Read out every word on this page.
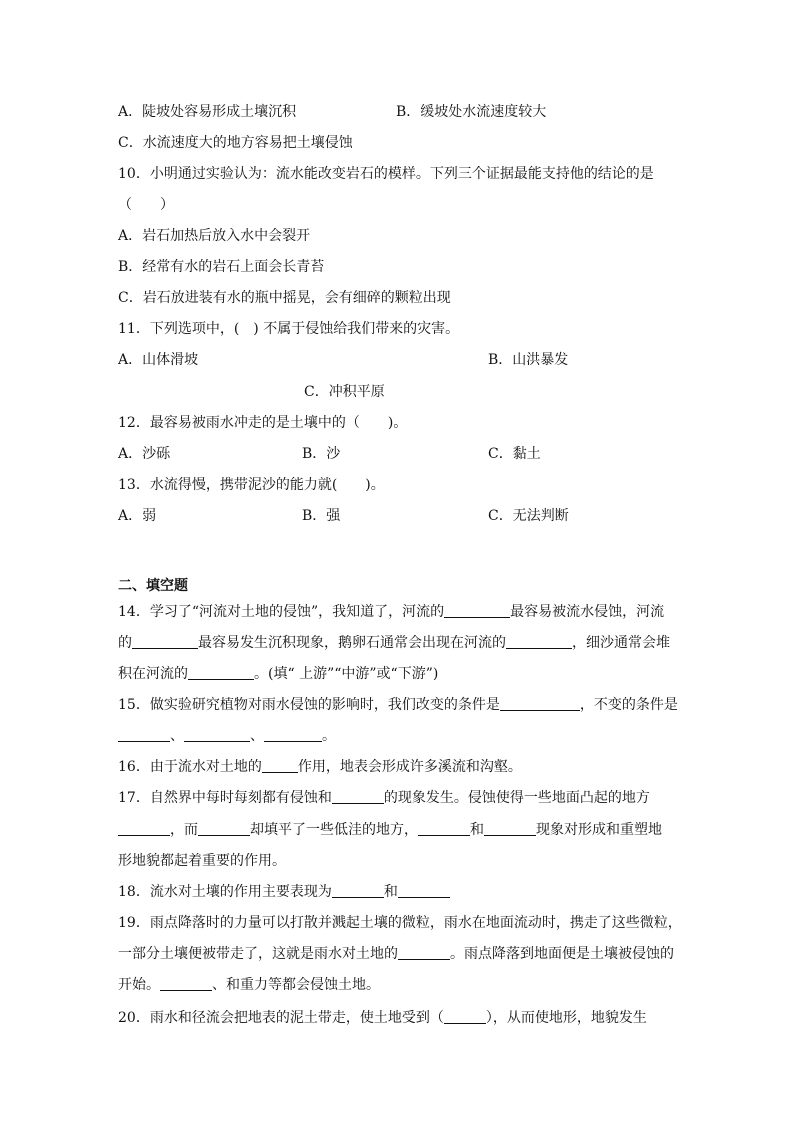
A．陡坡处容易形成土壤沉积	B．缓坡处水流速度较大
C．水流速度大的地方容易把土壤侵蚀
10．小明通过实验认为：流水能改变岩石的模样。下列三个证据最能支持他的结论的是
（　　）
A．岩石加热后放入水中会裂开
B．经常有水的岩石上面会长青苔
C．岩石放进装有水的瓶中摇晃，会有细碎的颗粒出现
11．下列选项中，(　) 不属于侵蚀给我们带来的灾害。
A．山体滑坡	B．山洪暴发
C．冲积平原
12．最容易被雨水冲走的是土壤中的（　　)。
A．沙砾	B．沙	C．黏土
13．水流得慢，携带泥沙的能力就(　　)。
A．弱	B．强	C．无法判断
二、填空题
14．学习了“河流对土地的侵蚀”，我知道了，河流的	最容易被流水侵蚀，河流
的	最容易发生沉积现象，鹅卵石通常会出现在河流的	，细沙通常会堆
积在河流的	。(填“ 上游”“中游”或“下游”)
15．做实验研究植物对雨水侵蚀的影响时，我们改变的条件是	，不变的条件是
、	、	。
16．由于流水对土地的	作用，地表会形成许多溪流和沟壑。
17．自然界中每时每刻都有侵蚀和	的现象发生。侵蚀使得一些地面凸起的地方
，而	却填平了一些低洼的地方，	和	现象对形成和重塑地
形地貌都起着重要的作用。
18．流水对土壤的作用主要表现为	和
19．雨点降落时的力量可以打散并溅起土壤的微粒，雨水在地面流动时，携走了这些微粒，
一部分土壤便被带走了，这就是雨水对土地的	。雨点降落到地面便是土壤被侵蚀的
开始。	、和重力等都会侵蚀土地。
20．雨水和径流会把地表的泥土带走，使土地受到（	），从而使地形，地貌发生
